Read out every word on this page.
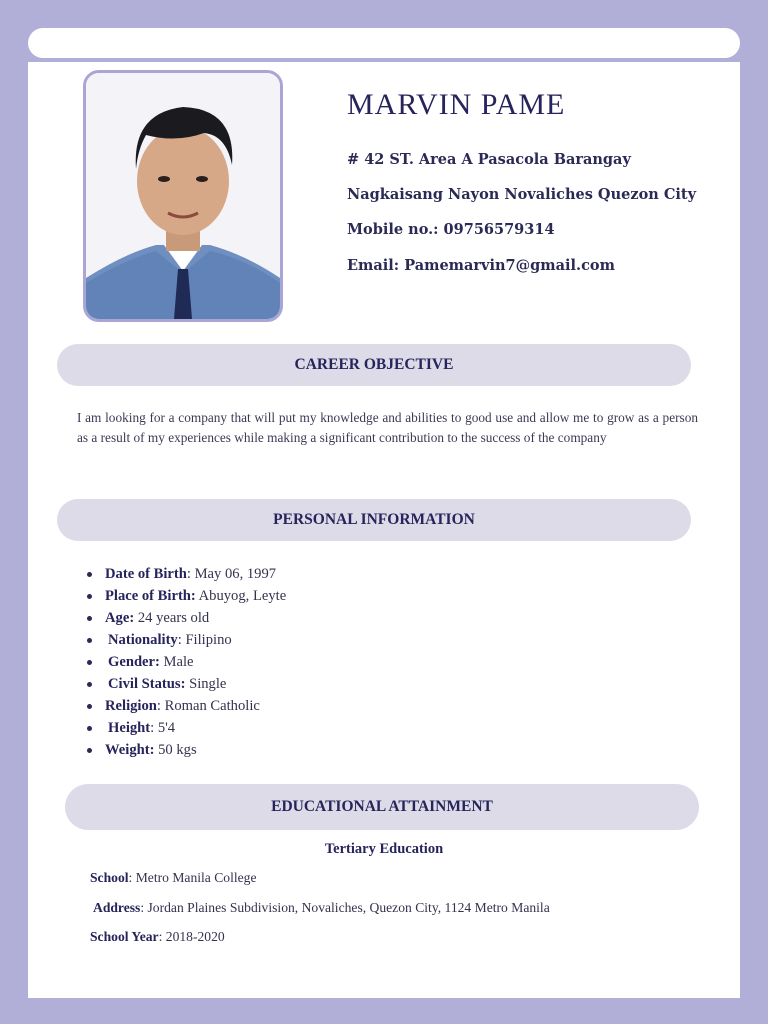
MARVIN PAME
# 42 ST. Area A Pasacola Barangay
Nagkaisang Nayon Novaliches Quezon City
Mobile no.: 09756579314
Email: Pamemarvin7@gmail.com
CAREER OBJECTIVE

I am looking for a company that will put my knowledge and abilities to good use and allow me to grow as a person as a result of my experiences while making a significant contribution to the success of the company

PERSONAL INFORMATION
Date of Birth: May 06, 1997
Place of Birth: Abuyog, Leyte
Age: 24 years old
Nationality: Filipino
Gender: Male
Civil Status: Single
Religion: Roman Catholic
Height: 5'4
Weight: 50 kgs
EDUCATIONAL ATTAINMENT
Tertiary Education
School: Metro Manila College
Address: Jordan Plaines Subdivision, Novaliches, Quezon City, 1124 Metro Manila
School Year: 2018-2020
